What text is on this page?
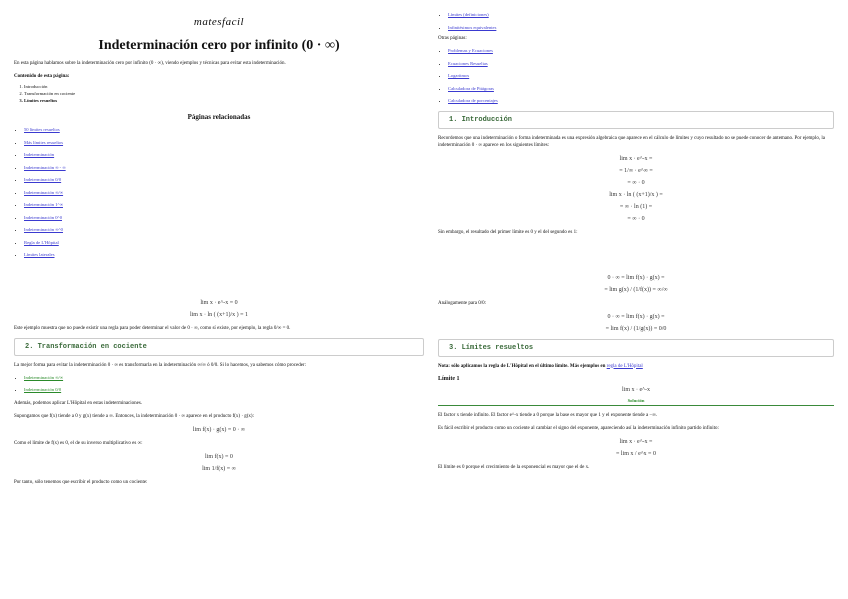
matesfacil
Indeterminación cero por infinito (0 · ∞)
En esta página hablamos sobre la indeterminación cero por infinito (0 · ∞), viendo ejemplos y técnicas para evitar esta indeterminación.
Contenido de esta página:
1. Introducción
2. Transformación en cociente
3. Límites resueltos
Páginas relacionadas
• 50 límites resueltos
• Más límites resueltos
• Indeterminación
• Indeterminación ∞ - ∞
• Indeterminación 0/0
• Indeterminación ∞/∞
• Indeterminación 1^∞
• Indeterminación 0^0
• Indeterminación ∞^0
• Regla de L'Hôpital
• Límites laterales
lim x · e^-x = 0
lim x · ln ( (x+1)/x ) = 1
Este ejemplo muestra que no puede existir una regla para poder determinar el valor de 0 · ∞, como sí existe, por ejemplo, la regla 0/∞ = 0.
2. Transformación en cociente
La mejor forma para evitar la indeterminación 0 · ∞ es transformarla en la indeterminación ∞/∞ ó 0/0. Si lo hacemos, ya sabemos cómo proceder:
• Indeterminación ∞/∞
• Indeterminación 0/0
Además, podemos aplicar L'Hôpital en estas indeterminaciones.
Supongamos que f(x) tiende a 0 y g(x) tiende a ∞. Entonces, la indeterminación 0 · ∞ aparece en el producto f(x) · g(x):
lim f(x) · g(x) = 0 · ∞
Como el límite de f(x) es 0, el de su inverso multiplicativo es ∞:
lim f(x) = 0
lim 1/f(x) = ∞
Por tanto, sólo tenemos que escribir el producto como un cociente:
• Límites (definiciones)
• Infinitésimos equivalentes
Otras páginas:
• Problemas y Ecuaciones
• Ecuaciones Resueltas
• Logaritmos
• Calculadora de Pitágoras
• Calculadora de porcentajes
1. Introducción
Recordemos que una indeterminación o forma indeterminada es una expresión algebraica que aparece en el cálculo de límites y cuyo resultado no se puede conocer de antemano. Por ejemplo, la indeterminación 0 · ∞ aparece en los siguientes límites:
lim x · e^-x =
= 1/∞ · e^∞ =
= ∞ · 0
lim x · ln ( (x+1)/x ) =
= ∞ · ln (1) =
= ∞ · 0
Sin embargo, el resultado del primer límite es 0 y el del segundo es 1:
0 · ∞ = lim f(x) · g(x) =
= lim g(x) / (1/f(x)) = ∞/∞
Análogamente para 0/0:
0 · ∞ = lim f(x) · g(x) =
= lim f(x) / (1/g(x)) = 0/0
3. Límites resueltos
Nota: sólo aplicamos la regla de L'Hôpital en el último límite. Más ejemplos en regla de L'Hôpital
Límite 1
lim x · e^-x
Solución
El factor x tiende infinito. El factor e^-x tiende a 0 porque la base es mayor que 1 y el exponente tiende a −∞.
Es fácil escribir el producto como un cociente al cambiar el signo del exponente, apareciendo así la indeterminación infinito partido infinito:
lim x · e^-x =
= lim x / e^x = 0
El límite es 0 porque el crecimiento de la exponencial es mayor que el de x.
